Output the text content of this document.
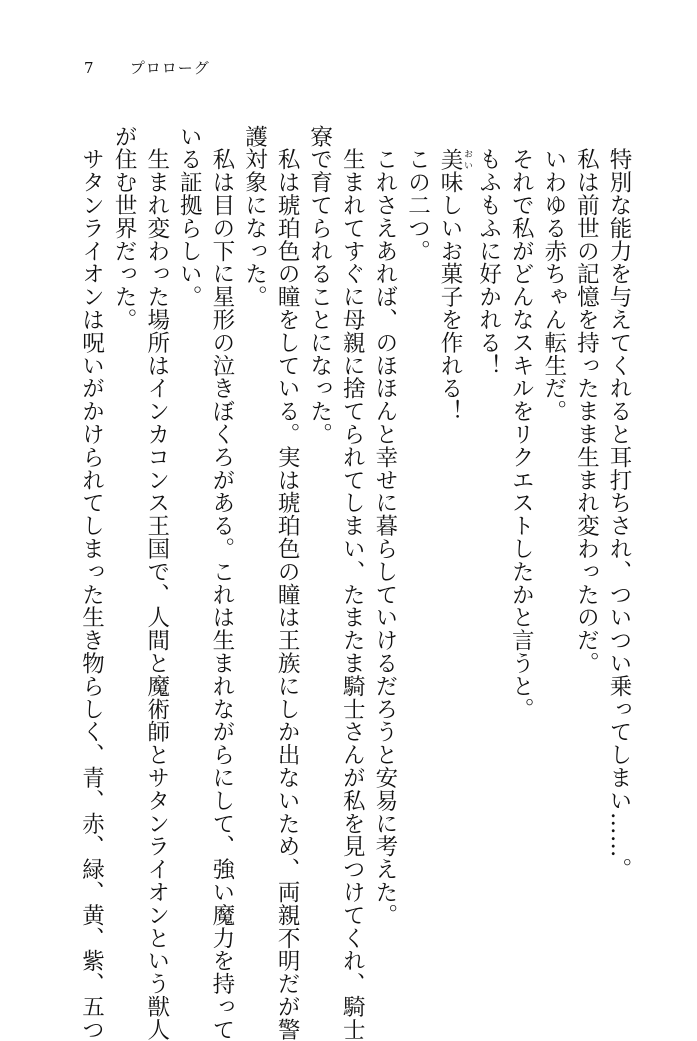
7 プロローグ
　特別な能力を与えてくれると耳打ちされ、ついつい乗ってしまい……。
　私は前世の記憶を持ったまま生まれ変わったのだ。
　いわゆる赤ちゃん転生だ。
　それで私がどんなスキルをリクエストしたかと言うと。
　もふもふに好かれる！
　美 おい味しいお菓子を作れる！
　この二つ。
　これさえあれば、のほほんと幸せに暮らしていけるだろうと安易に考えた。
　生まれてすぐに母親に捨てられてしまい、たまたま騎士さんが私を見つけてくれ、騎士
寮で育てられることになった。
　私は琥珀色の瞳をしている。実は琥珀色の瞳は王族にしか出ないため、両親不明だが警
護対象になった。
　私は目の下に星形の泣きぼくろがある。これは生まれながらにして、強い魔力を持って
いる証拠らしい。
　生まれ変わった場所はインカコンス王国で、人間と魔術師とサタンライオンという獣人
が住む世界だった。
　サタンライオンは呪いがかけられてしまった生き物らしく、青、赤、緑、黄、紫、五つ
